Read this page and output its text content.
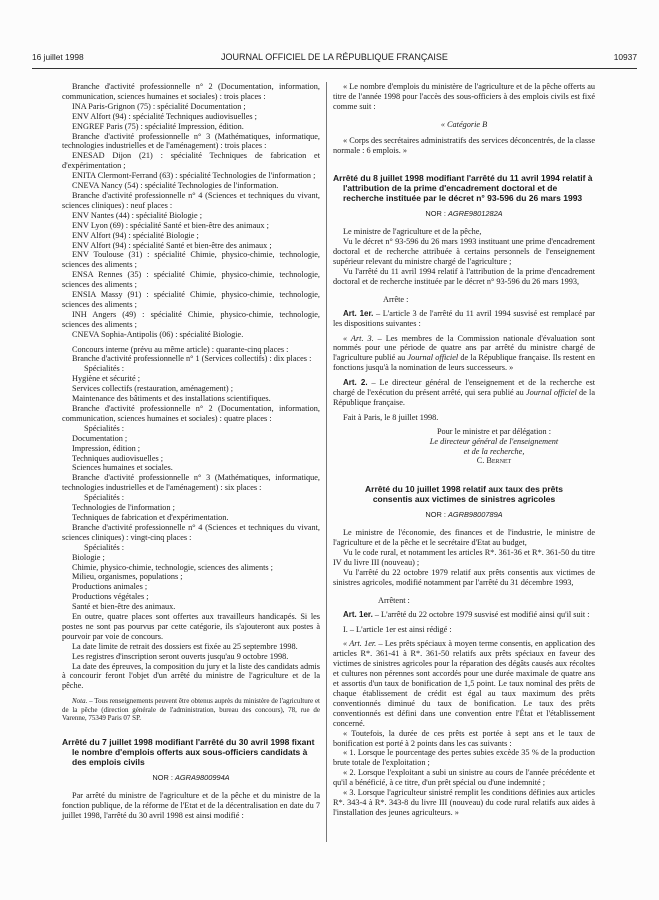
16 juillet 1998	JOURNAL OFFICIEL DE LA RÉPUBLIQUE FRANÇAISE	10937

Branche d'activité professionnelle n° 2 (Documentation, information, communication, sciences humaines et sociales) : trois places :

INA Paris-Grignon (75) : spécialité Documentation ;

ENV Alfort (94) : spécialité Techniques audiovisuelles ;

ENGREF Paris (75) : spécialité Impression, édition.

Branche d'activité professionnelle n° 3 (Mathématiques, informatique, technologies industrielles et de l'aménagement) : trois places :

ENESAD Dijon (21) : spécialité Techniques de fabrication et d'expérimentation ;

ENITA Clermont-Ferrand (63) : spécialité Technologies de l'information ;

CNEVA Nancy (54) : spécialité Technologies de l'information.

Branche d'activité professionnelle n° 4 (Sciences et techniques du vivant, sciences cliniques) : neuf places :

ENV Nantes (44) : spécialité Biologie ;

ENV Lyon (69) : spécialité Santé et bien-être des animaux ;

ENV Alfort (94) : spécialité Biologie ;

ENV Alfort (94) : spécialité Santé et bien-être des animaux ;

ENV Toulouse (31) : spécialité Chimie, physico-chimie, technologie, sciences des aliments ;

ENSA Rennes (35) : spécialité Chimie, physico-chimie, technologie, sciences des aliments ;

ENSIA Massy (91) : spécialité Chimie, physico-chimie, technologie, sciences des aliments ;

INH Angers (49) : spécialité Chimie, physico-chimie, technologie, sciences des aliments ;

CNEVA Sophia-Antipolis (06) : spécialité Biologie.

Concours interne (prévu au même article) : quarante-cinq places :

Branche d'activité professionnelle n° 1 (Services collectifs) : dix places :

Spécialités :

Hygiène et sécurité ;

Services collectifs (restauration, aménagement) ;

Maintenance des bâtiments et des installations scientifiques.

Branche d'activité professionnelle n° 2 (Documentation, information, communication, sciences humaines et sociales) : quatre places :

Spécialités :

Documentation ;

Impression, édition ;

Techniques audiovisuelles ;

Sciences humaines et sociales.

Branche d'activité professionnelle n° 3 (Mathématiques, informatique, technologies industrielles et de l'aménagement) : six places :

Spécialités :

Technologies de l'information ;

Techniques de fabrication et d'expérimentation.

Branche d'activité professionnelle n° 4 (Sciences et techniques du vivant, sciences cliniques) : vingt-cinq places :

Spécialités :

Biologie ;

Chimie, physico-chimie, technologie, sciences des aliments ;

Milieu, organismes, populations ;

Productions animales ;

Productions végétales ;

Santé et bien-être des animaux.

En outre, quatre places sont offertes aux travailleurs handicapés. Si les postes ne sont pas pourvus par cette catégorie, ils s'ajouteront aux postes à pourvoir par voie de concours.

La date limite de retrait des dossiers est fixée au 25 septembre 1998.

Les registres d'inscription seront ouverts jusqu'au 9 octobre 1998.

La date des épreuves, la composition du jury et la liste des candidats admis à concourir feront l'objet d'un arrêté du ministre de l'agriculture et de la pêche.

Nota. – Tous renseignements peuvent être obtenus auprès du ministère de l'agriculture et de la pêche (direction générale de l'administration, bureau des concours), 78, rue de Varenne, 75349 Paris 07 SP.

Arrêté du 7 juillet 1998 modifiant l'arrêté du 30 avril 1998 fixant le nombre d'emplois offerts aux sous-officiers candidats à des emplois civils

NOR : AGRA9800994A

Par arrêté du ministre de l'agriculture et de la pêche et du ministre de la fonction publique, de la réforme de l'Etat et de la décentralisation en date du 7 juillet 1998, l'arrêté du 30 avril 1998 est ainsi modifié :

« Le nombre d'emplois du ministère de l'agriculture et de la pêche offerts au titre de l'année 1998 pour l'accès des sous-officiers à des emplois civils est fixé comme suit :

« Catégorie B

« Corps des secrétaires administratifs des services déconcentrés, de la classe normale : 6 emplois. »

Arrêté du 8 juillet 1998 modifiant l'arrêté du 11 avril 1994 relatif à l'attribution de la prime d'encadrement doctoral et de recherche instituée par le décret n° 93-596 du 26 mars 1993

NOR : AGRE9801282A

Le ministre de l'agriculture et de la pêche,

Vu le décret n° 93-596 du 26 mars 1993 instituant une prime d'encadrement doctoral et de recherche attribuée à certains personnels de l'enseignement supérieur relevant du ministre chargé de l'agriculture ;

Vu l'arrêté du 11 avril 1994 relatif à l'attribution de la prime d'encadrement doctoral et de recherche instituée par le décret n° 93-596 du 26 mars 1993,

Arrête :

Art. 1er. – L'article 3 de l'arrêté du 11 avril 1994 susvisé est remplacé par les dispositions suivantes :

« Art. 3. – Les membres de la Commission nationale d'évaluation sont nommés pour une période de quatre ans par arrêté du ministre chargé de l'agriculture publié au Journal officiel de la République française. Ils restent en fonctions jusqu'à la nomination de leurs successeurs. »

Art. 2. – Le directeur général de l'enseignement et de la recherche est chargé de l'exécution du présent arrêté, qui sera publié au Journal officiel de la République française.

Fait à Paris, le 8 juillet 1998.

Pour le ministre et par délégation :

Le directeur général de l'enseignement

et de la recherche,

C. Bernet

Arrêté du 10 juillet 1998 relatif aux taux des prêts consentis aux victimes de sinistres agricoles

NOR : AGRB9800789A

Le ministre de l'économie, des finances et de l'industrie, le ministre de l'agriculture et de la pêche et le secrétaire d'Etat au budget,

Vu le code rural, et notamment les articles R*. 361-36 et R*. 361-50 du titre IV du livre III (nouveau) ;

Vu l'arrêté du 22 octobre 1979 relatif aux prêts consentis aux victimes de sinistres agricoles, modifié notamment par l'arrêté du 31 décembre 1993,

Arrêtent :

Art. 1er. – L'arrêté du 22 octobre 1979 susvisé est modifié ainsi qu'il suit :

I. – L'article 1er est ainsi rédigé :

« Art. 1er. – Les prêts spéciaux à moyen terme consentis, en application des articles R*. 361-41 à R*. 361-50 relatifs aux prêts spéciaux en faveur des victimes de sinistres agricoles pour la réparation des dégâts causés aux récoltes et cultures non pérennes sont accordés pour une durée maximale de quatre ans et assortis d'un taux de bonification de 1,5 point. Le taux nominal des prêts de chaque établissement de crédit est égal au taux maximum des prêts conventionnés diminué du taux de bonification. Le taux des prêts conventionnés est défini dans une convention entre l'État et l'établissement concerné.

« Toutefois, la durée de ces prêts est portée à sept ans et le taux de bonification est porté à 2 points dans les cas suivants :

« 1. Lorsque le pourcentage des pertes subies excède 35 % de la production brute totale de l'exploitation ;

« 2. Lorsque l'exploitant a subi un sinistre au cours de l'année précédente et qu'il a bénéficié, à ce titre, d'un prêt spécial ou d'une indemnité ;

« 3. Lorsque l'agriculteur sinistré remplit les conditions définies aux articles R*. 343-4 à R*. 343-8 du livre III (nouveau) du code rural relatifs aux aides à l'installation des jeunes agriculteurs. »
